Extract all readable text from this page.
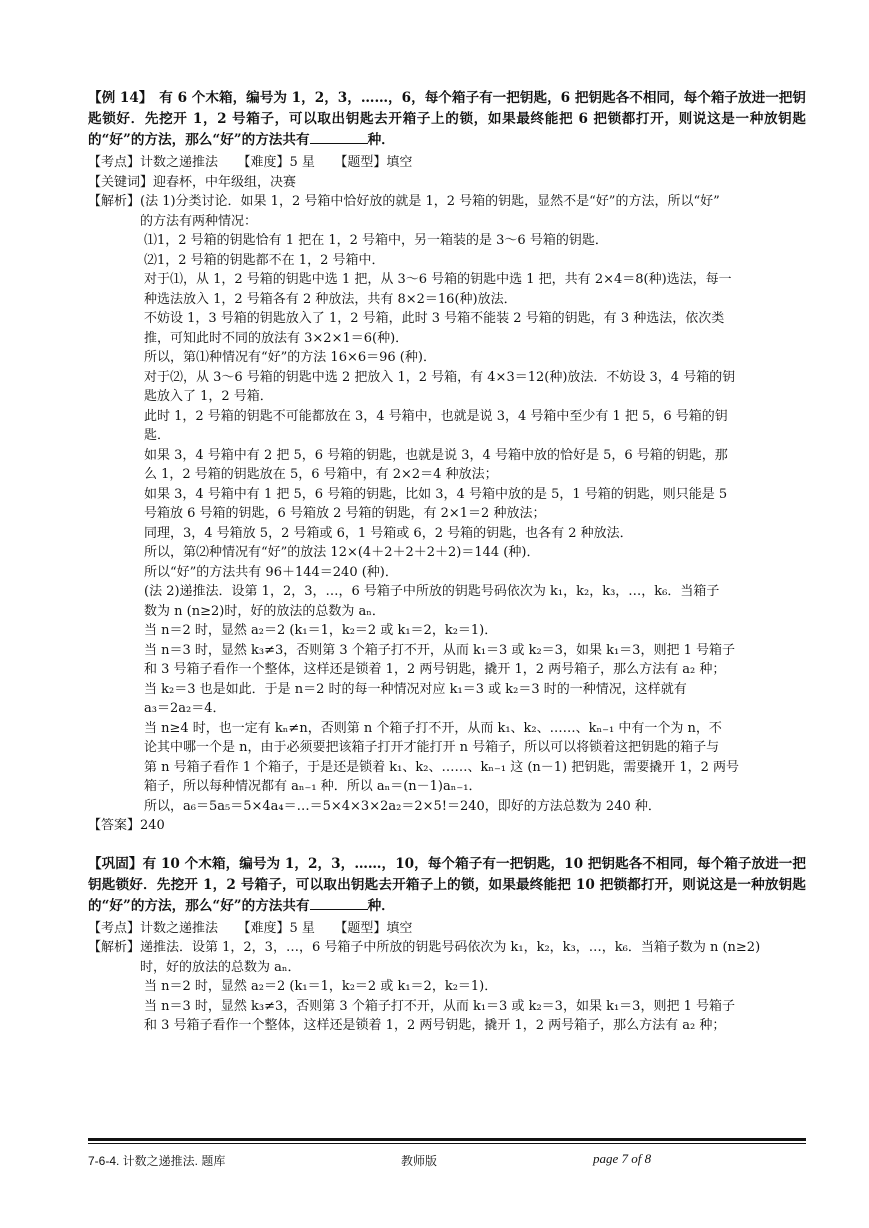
【例 14】　有 6 个木箱，编号为 1，2，3，……，6，每个箱子有一把钥匙，6 把钥匙各不相同，每个箱子放进一把钥匙锁好．先挖开 1，2 号箱子，可以取出钥匙去开箱子上的锁，如果最终能把 6 把锁都打开，则说这是一种放钥匙的“好”的方法，那么“好”的方法共有	种．

【考点】计数之递推法　　【难度】5 星　　【题型】填空

【关键词】迎春杯，中年级组，决赛

【解析】(法 1)分类讨论．如果 1，2 号箱中恰好放的就是 1，2 号箱的钥匙，显然不是“好”的方法，所以“好”

　　　　的方法有两种情况：

⑴1，2 号箱的钥匙恰有 1 把在 1，2 号箱中，另一箱装的是 3～6 号箱的钥匙．

⑵1，2 号箱的钥匙都不在 1，2 号箱中．

对于⑴，从 1，2 号箱的钥匙中选 1 把，从 3～6 号箱的钥匙中选 1 把，共有 2×4＝8(种)选法，每一

种选法放入 1，2 号箱各有 2 种放法，共有 8×2＝16(种)放法．

不妨设 1，3 号箱的钥匙放入了 1，2 号箱，此时 3 号箱不能装 2 号箱的钥匙，有 3 种选法，依次类

推，可知此时不同的放法有 3×2×1＝6(种)．

所以，第⑴种情况有“好”的方法 16×6＝96 (种)．

对于⑵，从 3～6 号箱的钥匙中选 2 把放入 1，2 号箱，有 4×3＝12(种)放法．不妨设 3，4 号箱的钥

匙放入了 1，2 号箱．

此时 1，2 号箱的钥匙不可能都放在 3，4 号箱中，也就是说 3，4 号箱中至少有 1 把 5，6 号箱的钥

匙．

如果 3，4 号箱中有 2 把 5，6 号箱的钥匙，也就是说 3，4 号箱中放的恰好是 5，6 号箱的钥匙，那

么 1，2 号箱的钥匙放在 5，6 号箱中，有 2×2＝4 种放法；

如果 3，4 号箱中有 1 把 5，6 号箱的钥匙，比如 3，4 号箱中放的是 5，1 号箱的钥匙，则只能是 5

号箱放 6 号箱的钥匙，6 号箱放 2 号箱的钥匙，有 2×1＝2 种放法；

同理，3，4 号箱放 5，2 号箱或 6，1 号箱或 6，2 号箱的钥匙，也各有 2 种放法．

所以，第⑵种情况有“好”的放法 12×(4＋2＋2＋2＋2)＝144 (种)．

所以“好”的方法共有 96＋144＝240 (种)．

(法 2)递推法．设第 1，2，3，…，6 号箱子中所放的钥匙号码依次为 k₁，k₂，k₃，…，k₆．当箱子

数为 n (n≥2)时，好的放法的总数为 aₙ．

当 n＝2 时，显然 a₂＝2 (k₁＝1，k₂＝2 或 k₁＝2，k₂＝1)．

当 n＝3 时，显然 k₃≠3，否则第 3 个箱子打不开，从而 k₁＝3 或 k₂＝3，如果 k₁＝3，则把 1 号箱子

和 3 号箱子看作一个整体，这样还是锁着 1，2 两号钥匙，撬开 1，2 两号箱子，那么方法有 a₂ 种；

当 k₂＝3 也是如此．于是 n＝2 时的每一种情况对应 k₁＝3 或 k₂＝3 时的一种情况，这样就有

a₃＝2a₂＝4．

当 n≥4 时，也一定有 kₙ≠n，否则第 n 个箱子打不开，从而 k₁、k₂、……、kₙ₋₁ 中有一个为 n，不

论其中哪一个是 n，由于必须要把该箱子打开才能打开 n 号箱子，所以可以将锁着这把钥匙的箱子与

第 n 号箱子看作 1 个箱子，于是还是锁着 k₁、k₂、……、kₙ₋₁ 这 (n－1) 把钥匙，需要撬开 1，2 两号

箱子，所以每种情况都有 aₙ₋₁ 种．所以 aₙ＝(n－1)aₙ₋₁．

所以，a₆＝5a₅＝5×4a₄＝…＝5×4×3×2a₂＝2×5!＝240，即好的方法总数为 240 种．

【答案】240

【巩固】有 10 个木箱，编号为 1，2，3，……，10，每个箱子有一把钥匙，10 把钥匙各不相同，每个箱子放进一把钥匙锁好．先挖开 1，2 号箱子，可以取出钥匙去开箱子上的锁，如果最终能把 10 把锁都打开，则说这是一种放钥匙的“好”的方法，那么“好”的方法共有	种．

【考点】计数之递推法　　【难度】5 星　　【题型】填空

【解析】递推法．设第 1，2，3，…，6 号箱子中所放的钥匙号码依次为 k₁，k₂，k₃，…，k₆．当箱子数为 n (n≥2)

　　　　时，好的放法的总数为 aₙ．

当 n＝2 时，显然 a₂＝2 (k₁＝1，k₂＝2 或 k₁＝2，k₂＝1)．

当 n＝3 时，显然 k₃≠3，否则第 3 个箱子打不开，从而 k₁＝3 或 k₂＝3，如果 k₁＝3，则把 1 号箱子

和 3 号箱子看作一个整体，这样还是锁着 1，2 两号钥匙，撬开 1，2 两号箱子，那么方法有 a₂ 种；

7-6-4. 计数之递推法. 题库	教师版	page 7 of 8
